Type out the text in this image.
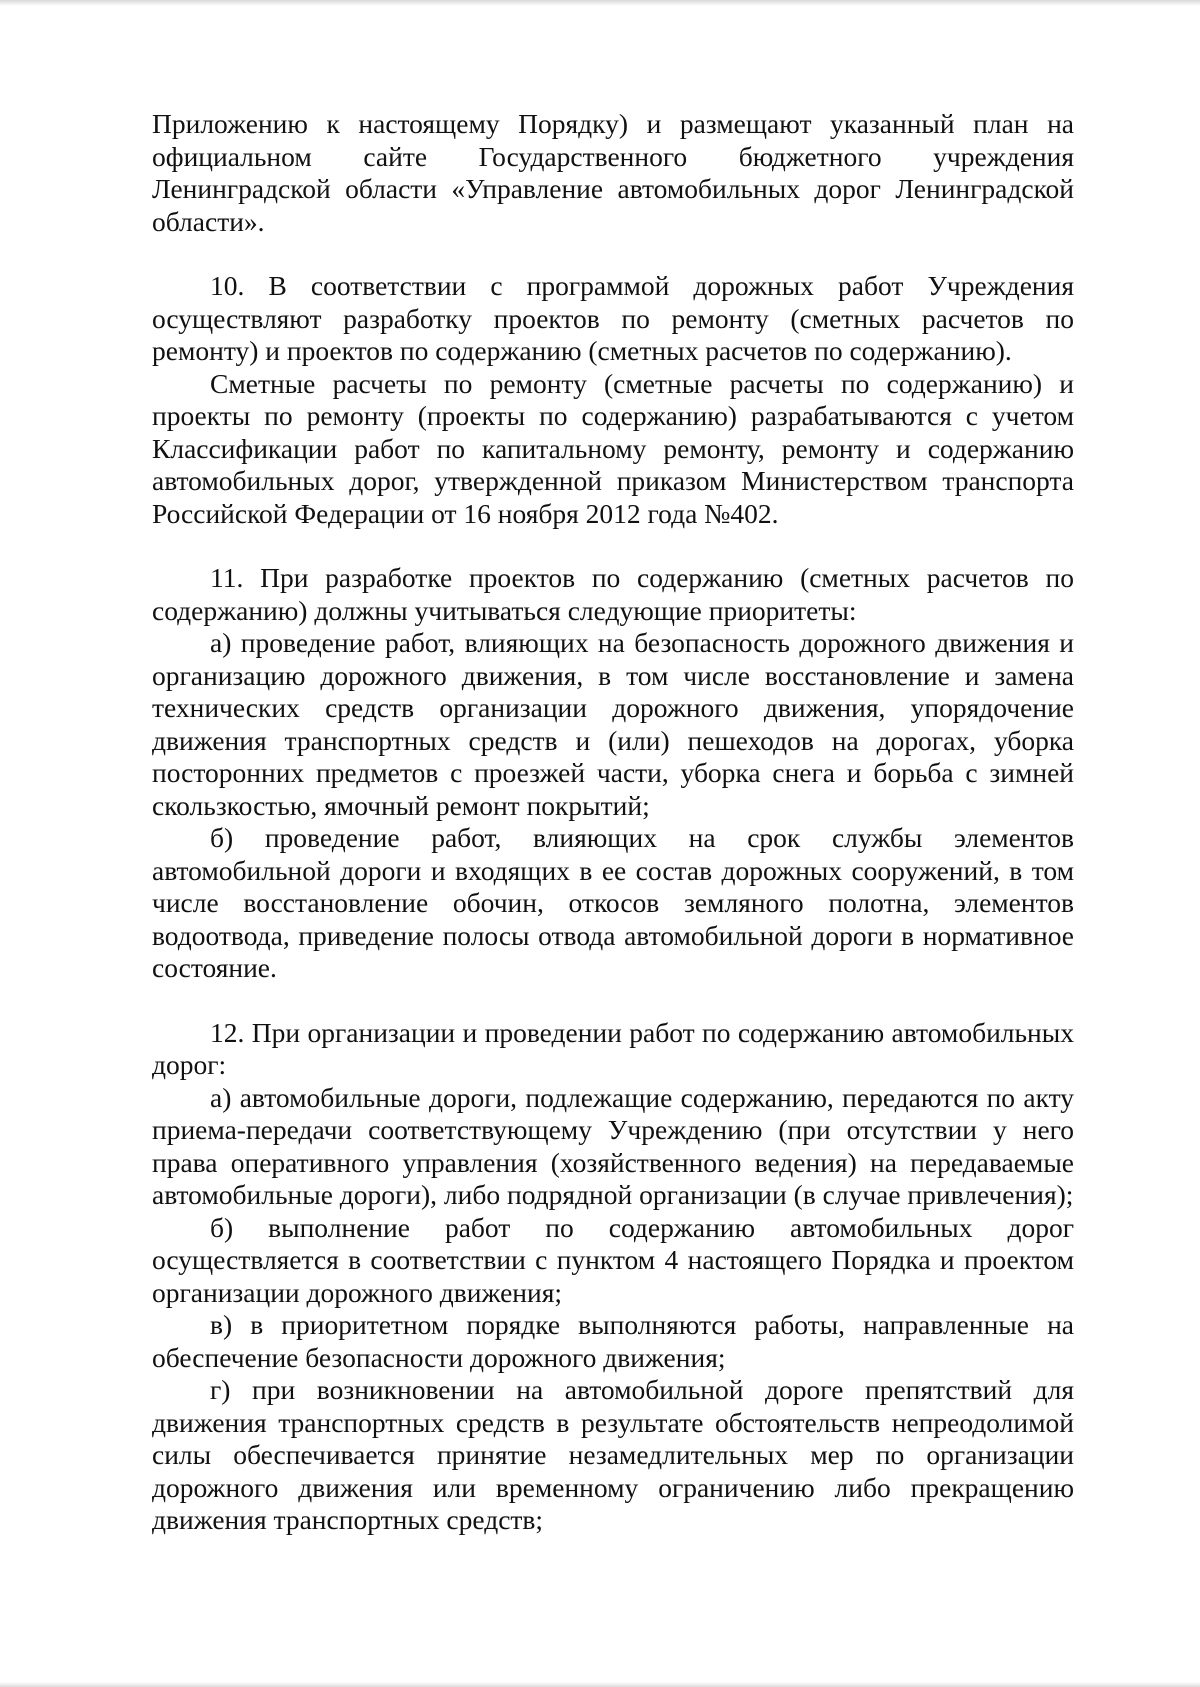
Приложению к настоящему Порядку) и размещают указанный план на официальном сайте Государственного бюджетного учреждения Ленинградской области «Управление автомобильных дорог Ленинградской области».

10. В соответствии с программой дорожных работ Учреждения осуществляют разработку проектов по ремонту (сметных расчетов по ремонту) и проектов по содержанию (сметных расчетов по содержанию).

Сметные расчеты по ремонту (сметные расчеты по содержанию) и проекты по ремонту (проекты по содержанию) разрабатываются с учетом Классификации работ по капитальному ремонту, ремонту и содержанию автомобильных дорог, утвержденной приказом Министерством транспорта Российской Федерации от 16 ноября 2012 года №402.

11. При разработке проектов по содержанию (сметных расчетов по содержанию) должны учитываться следующие приоритеты:

а) проведение работ, влияющих на безопасность дорожного движения и организацию дорожного движения, в том числе восстановление и замена технических средств организации дорожного движения, упорядочение движения транспортных средств и (или) пешеходов на дорогах, уборка посторонних предметов с проезжей части, уборка снега и борьба с зимней скользкостью, ямочный ремонт покрытий;

б) проведение работ, влияющих на срок службы элементов автомобильной дороги и входящих в ее состав дорожных сооружений, в том числе восстановление обочин, откосов земляного полотна, элементов водоотвода, приведение полосы отвода автомобильной дороги в нормативное состояние.

12. При организации и проведении работ по содержанию автомобильных дорог:

а) автомобильные дороги, подлежащие содержанию, передаются по акту приема-передачи соответствующему Учреждению (при отсутствии у него права оперативного управления (хозяйственного ведения) на передаваемые автомобильные дороги), либо подрядной организации (в случае привлечения);

б) выполнение работ по содержанию автомобильных дорог осуществляется в соответствии с пунктом 4 настоящего Порядка и проектом организации дорожного движения;

в) в приоритетном порядке выполняются работы, направленные на обеспечение безопасности дорожного движения;

г) при возникновении на автомобильной дороге препятствий для движения транспортных средств в результате обстоятельств непреодолимой силы обеспечивается принятие незамедлительных мер по организации дорожного движения или временному ограничению либо прекращению движения транспортных средств;
